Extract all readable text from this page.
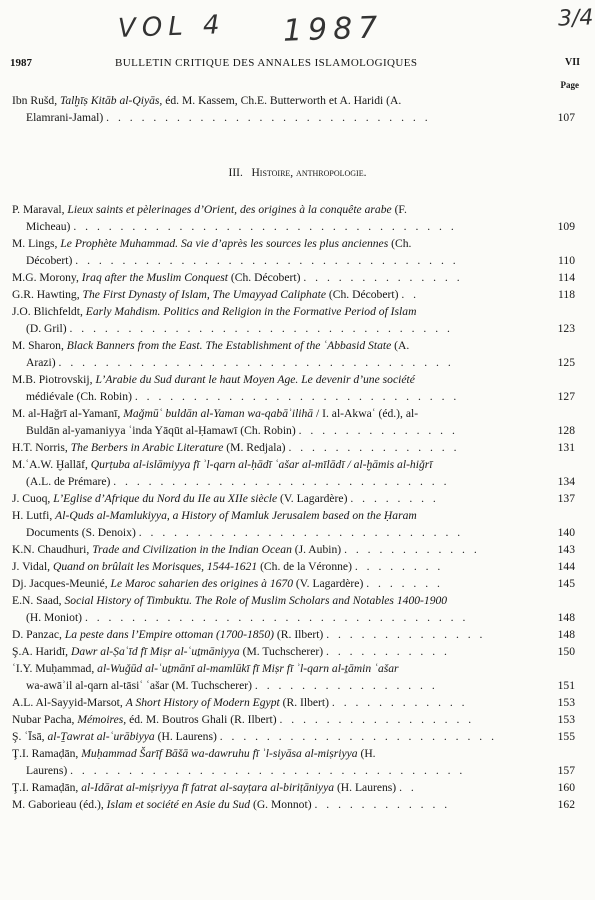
VOL 4 1987	3/4
1987	BULLETIN CRITIQUE DES ANNALES ISLAMOLOGIQUES	VII
Page
Ibn Rušd, Talḫīṣ Kitāb al-Qiyās, éd. M. Kassem, Ch.E. Butterworth et A. Haridi (A.
Elamrani-Jamal) . . . . . . . . . . . . . . . . . . . . . . . . . . . .	107
III. Histoire, anthropologie.
P. Maraval, Lieux saints et pèlerinages d’Orient, des origines à la conquête arabe (F.
Micheau) . . . . . . . . . . . . . . . . . . . . . . . . . . . . . . . . .	109
M. Lings, Le Prophète Muhammad. Sa vie d’après les sources les plus anciennes (Ch.
Décobert) . . . . . . . . . . . . . . . . . . . . . . . . . . . . . . . . .	110
M.G. Morony, Iraq after the Muslim Conquest (Ch. Décobert) . . . . . . . . . . . . . .	114
G.R. Hawting, The First Dynasty of Islam, The Umayyad Caliphate (Ch. Décobert) . .	118
J.O. Blichfeldt, Early Mahdism. Politics and Religion in the Formative Period of Islam
(D. Gril) . . . . . . . . . . . . . . . . . . . . . . . . . . . . . . . . .	123
M. Sharon, Black Banners from the East. The Establishment of the ʿAbbasid State (A.
Arazi) . . . . . . . . . . . . . . . . . . . . . . . . . . . . . . . . . .	125
M.B. Piotrovskij, L’Arabie du Sud durant le haut Moyen Age. Le devenir d’une société
médiévale (Ch. Robin) . . . . . . . . . . . . . . . . . . . . . . . . . . . .	127
M. al-Haǧrī al-Yamanī, Maǧmūʿ buldān al-Yaman wa-qabāʾilihā / I. al-Akwaʿ (éd.), al-
Buldān al-yamaniyya ʿinda Yāqūt al-Ḥamawī (Ch. Robin) . . . . . . . . . . . . . .	128
H.T. Norris, The Berbers in Arabic Literature (M. Redjala) . . . . . . . . . . . . . . .	131
M.ʿA.W. Ḫallāf, Qurṭuba al-islāmiyya fī ʾl-qarn al-ḥādī ʿašar al-mīlādī / al-ḫāmis al-hiǧrī
(A.L. de Prémare) . . . . . . . . . . . . . . . . . . . . . . . . . . . . .	134
J. Cuoq, L’Eglise d’Afrique du Nord du IIe au XIIe siècle (V. Lagardère) . . . . . . . .	137
H. Lutfi, Al-Quds al-Mamlukiyya, a History of Mamluk Jerusalem based on the Ḥaram
Documents (S. Denoix) . . . . . . . . . . . . . . . . . . . . . . . . . . . .	140
K.N. Chaudhuri, Trade and Civilization in the Indian Ocean (J. Aubin) . . . . . . . . . . . .	143
J. Vidal, Quand on brûlait les Morisques, 1544-1621 (Ch. de la Véronne) . . . . . . . .	144
Dj. Jacques-Meunié, Le Maroc saharien des origines à 1670 (V. Lagardère) . . . . . . .	145
E.N. Saad, Social History of Timbuktu. The Role of Muslim Scholars and Notables 1400-1900
(H. Moniot) . . . . . . . . . . . . . . . . . . . . . . . . . . . . . . . . .	148
D. Panzac, La peste dans l’Empire ottoman (1700-1850) (R. Ilbert) . . . . . . . . . . . . . .	148
Ş.A. Haridī, Dawr al-Ṣaʿīd fī Miṣr al-ʿuṯmāniyya (M. Tuchscherer) . . . . . . . . . . .	150
ʿI.Y. Muḥammad, al-Wuǧūd al-ʿuṯmānī al-mamlūkī fī Miṣr fī ʾl-qarn al-ṯāmin ʿašar
wa-awāʾil al-qarn al-tāsiʿ ʿašar (M. Tuchscherer) . . . . . . . . . . . . . . . .	151
A.L. Al-Sayyid-Marsot, A Short History of Modern Egypt (R. Ilbert) . . . . . . . . . . . .	153
Nubar Pacha, Mémoires, éd. M. Boutros Ghali (R. Ilbert) . . . . . . . . . . . . . . . . .	153
Ş. ʿĪsā, al-Ṯawrat al-ʿurābiyya (H. Laurens) . . . . . . . . . . . . . . . . . . . . . . . .	155
Ţ.I. Ramaḍān, Muḥammad Šarīf Bāšā wa-dawruhu fī ʾl-siyāsa al-miṣriyya (H.
Laurens) . . . . . . . . . . . . . . . . . . . . . . . . . . . . . . . . . .	157
Ţ.I. Ramaḍān, al-Idārat al-miṣriyya fī fatrat al-sayṭara al-biriṭāniyya (H. Laurens) . .	160
M. Gaborieau (éd.), Islam et société en Asie du Sud (G. Monnot) . . . . . . . . . . . .	162
